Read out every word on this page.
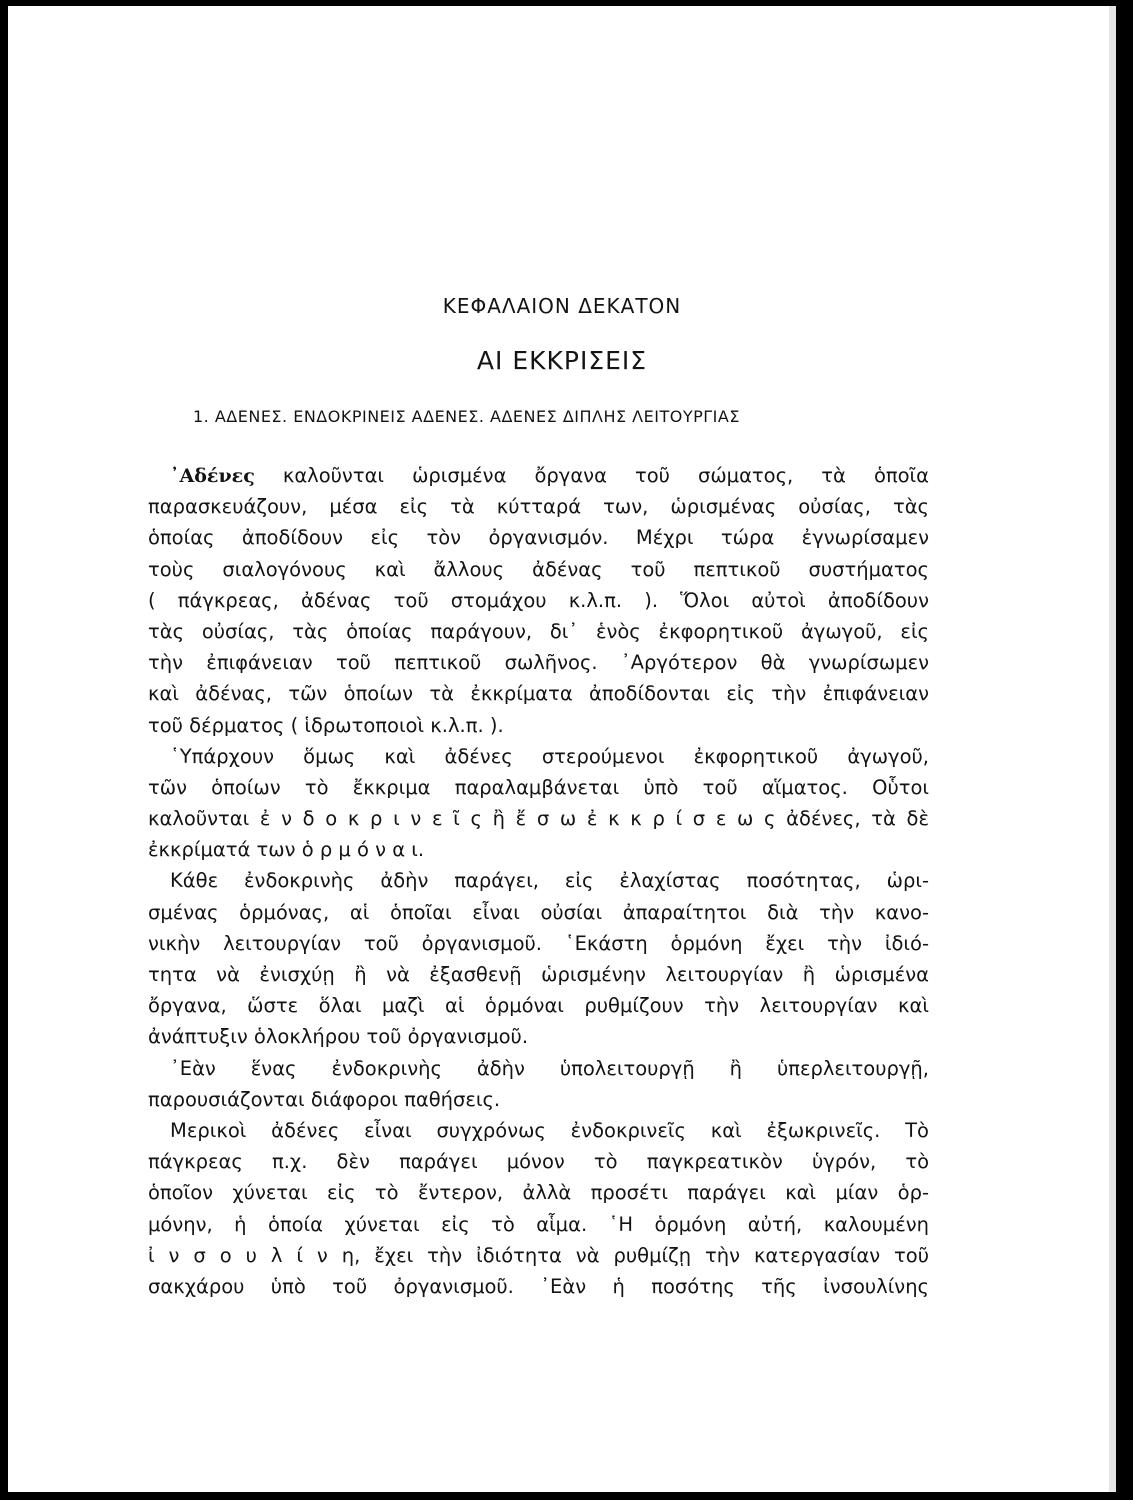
ΚΕΦΑΛΑΙΟΝ ΔΕΚΑΤΟΝ
ΑΙ ΕΚΚΡΙΣΕΙΣ
1. ΑΔΕΝΕΣ. ΕΝΔΟΚΡΙΝΕΙΣ ΑΔΕΝΕΣ. ΑΔΕΝΕΣ ΔΙΠΛΗΣ ΛΕΙΤΟΥΡΓΙΑΣ
᾿Αδένες καλοῦνται ὡρισμένα ὄργανα τοῦ σώματος, τὰ ὁποῖα
παρασκευάζουν, μέσα εἰς τὰ κύτταρά των, ὡρισμένας οὐσίας, τὰς
ὁποίας ἀποδίδουν εἰς τὸν ὀργανισμόν. Μέχρι τώρα ἐγνωρίσαμεν
τοὺς σιαλογόνους καὶ ἄλλους ἀδένας τοῦ πεπτικοῦ συστήματος
( πάγκρεας, ἀδένας τοῦ στομάχου κ.λ.π. ). Ὅλοι αὐτοὶ ἀποδίδουν
τὰς οὐσίας, τὰς ὁποίας παράγουν, δι᾿ ἑνὸς ἐκφορητικοῦ ἀγωγοῦ, εἰς
τὴν ἐπιφάνειαν τοῦ πεπτικοῦ σωλῆνος. ᾿Αργότερον θὰ γνωρίσωμεν
καὶ ἀδένας, τῶν ὁποίων τὰ ἐκκρίματα ἀποδίδονται εἰς τὴν ἐπιφάνειαν
τοῦ δέρματος ( ἱδρωτοποιοὶ κ.λ.π. ).
῾Υπάρχουν ὅμως καὶ ἀδένες στερούμενοι ἐκφορητικοῦ ἀγωγοῦ,
τῶν ὁποίων τὸ ἔκκριμα παραλαμβάνεται ὑπὸ τοῦ αἵματος. Οὗτοι
καλοῦνται ἐ ν δ ο κ ρ ι ν ε ῖ ς ἢ ἔ σ ω ἐ κ κ ρ ί σ ε ω ς ἀδένες, τὰ δὲ
ἐκκρίματά των ὁ ρ μ ό ν α ι.
Κάθε ἐνδοκρινὴς ἀδὴν παράγει, εἰς ἐλαχίστας ποσότητας, ὡρι-
σμένας ὁρμόνας, αἱ ὁποῖαι εἶναι οὐσίαι ἀπαραίτητοι διὰ τὴν κανο-
νικὴν λειτουργίαν τοῦ ὀργανισμοῦ. ῾Εκάστη ὁρμόνη ἔχει τὴν ἰδιό-
τητα νὰ ἐνισχύῃ ἢ νὰ ἐξασθενῇ ὡρισμένην λειτουργίαν ἢ ὡρισμένα
ὄργανα, ὥστε ὅλαι μαζὶ αἱ ὁρμόναι ρυθμίζουν τὴν λειτουργίαν καὶ
ἀνάπτυξιν ὁλοκλήρου τοῦ ὀργανισμοῦ.
᾿Εὰν ἕνας ἐνδοκρινὴς ἀδὴν ὑπολειτουργῇ ἢ ὑπερλειτουργῇ,
παρουσιάζονται διάφοροι παθήσεις.
Μερικοὶ ἀδένες εἶναι συγχρόνως ἐνδοκρινεῖς καὶ ἐξωκρινεῖς. Τὸ
πάγκρεας π.χ. δὲν παράγει μόνον τὸ παγκρεατικὸν ὑγρόν, τὸ
ὁποῖον χύνεται εἰς τὸ ἔντερον, ἀλλὰ προσέτι παράγει καὶ μίαν ὁρ-
μόνην, ἡ ὁποία χύνεται εἰς τὸ αἷμα. ῾Η ὁρμόνη αὐτή, καλουμένη
ἰ ν σ ο υ λ ί ν η, ἔχει τὴν ἰδιότητα νὰ ρυθμίζῃ τὴν κατεργασίαν τοῦ
σακχάρου ὑπὸ τοῦ ὀργανισμοῦ. ᾿Εὰν ἡ ποσότης τῆς ἰνσουλίνης
